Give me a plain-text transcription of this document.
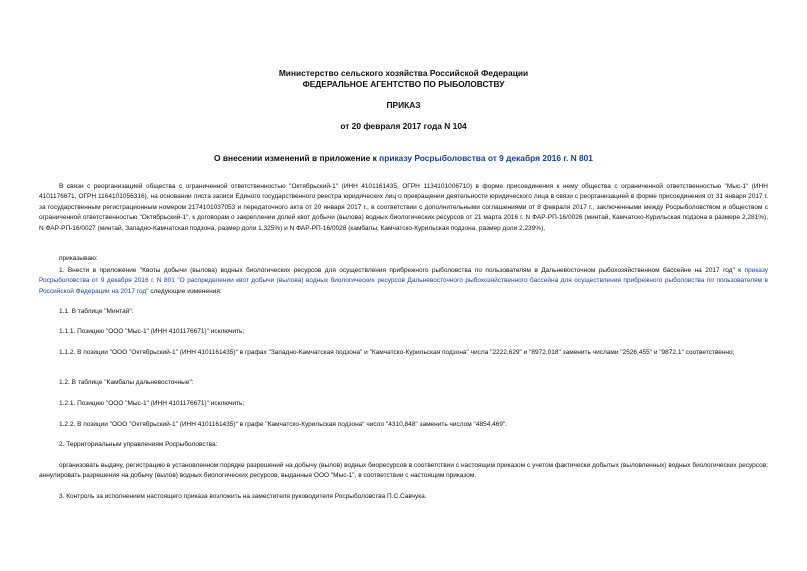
Министерство сельского хозяйства Российской Федерации
ФЕДЕРАЛЬНОЕ АГЕНТСТВО ПО РЫБОЛОВСТВУ
ПРИКАЗ
от 20 февраля 2017 года N 104
О внесении изменений в приложение к приказу Росрыболовства от 9 декабря 2016 г. N 801
В связи с реорганизацией общества с ограниченной ответственностью "Октябрьский-1" (ИНН 4101161435, ОГРН 1134101006710) в форме присоединения к нему общества с ограниченной ответственностью "Мыс-1" (ИНН 4101176671, ОГРН 1164101056316), на основании листа записи Единого государственного реестра юридических лиц о прекращении деятельности юридического лица в связи с реорганизацией в форме присоединения от 31 января 2017 г. за государственным регистрационным номером 2174101037053 и передаточного акта от 20 января 2017 г., в соответствии с дополнительными соглашениями от 8 февраля 2017 г., заключенными между Росрыболовством и обществом с ограниченной ответственностью "Октябрьский-1", к договорам о закреплении долей квот добычи (вылова) водных биологических ресурсов от 21 марта 2016 г. N ФАР-РП-16/0026 (минтай, Камчатско-Курильская подзона в размере 2,281%), N ФАР-РП-16/0027 (минтай, Западно-Камчатская подзона, размер доли 1,325%) и N ФАР-РП-16/0028 (камбалы, Камчатско-Курильская подзона, размер доли 2,239%),
приказываю:
1. Внести в приложение "Квоты добычи (вылова) водных биологических ресурсов для осуществления прибрежного рыболовства по пользователям в Дальневосточном рыбохозяйственном бассейне на 2017 год" к приказу Росрыболовства от 9 декабря 2016 г. N 801 "О распределении квот добычи (вылова) водных биологических ресурсов Дальневосточного рыбохозяйственного бассейна для осуществления прибрежного рыболовства по пользователям в Российской Федерации на 2017 год" следующие изменения:
1.1. В таблице "Минтай":
1.1.1. Позицию "ООО "Мыс-1" (ИНН 4101176671)" исключить;
1.1.2. В позиции "ООО "Октябрьский-1" (ИНН 4101161435)" в графах "Западно-Камчатская подзона" и "Камчатско-Курильская подзона" числа "2222,629" и "8972,018" заменить числами "2526,455" и "9872,1" соответственно;
1.2. В таблице "Камбалы дальневосточные":
1.2.1. Позицию "ООО "Мыс-1" (ИНН 4101176671)" исключить;
1.2.2. В позиции "ООО "Октябрьский-1" (ИНН 4101161435)" в графе "Камчатско-Курильская подзона" число "4310,848" заменить числом "4854,469".
2. Территориальным управлениям Росрыболовства:
организовать выдачу, регистрацию в установленном порядке разрешений на добычу (вылов) водных биоресурсов в соответствии с настоящим приказом с учетом фактически добытых (выловленных) водных биологических ресурсов; аннулировать разрешения на добычу (вылов) водных биологических ресурсов, выданные ООО "Мыс-1", в соответствии с настоящим приказом.
3. Контроль за исполнением настоящего приказа возложить на заместителя руководителя Росрыболовства П.С.Савчука.
